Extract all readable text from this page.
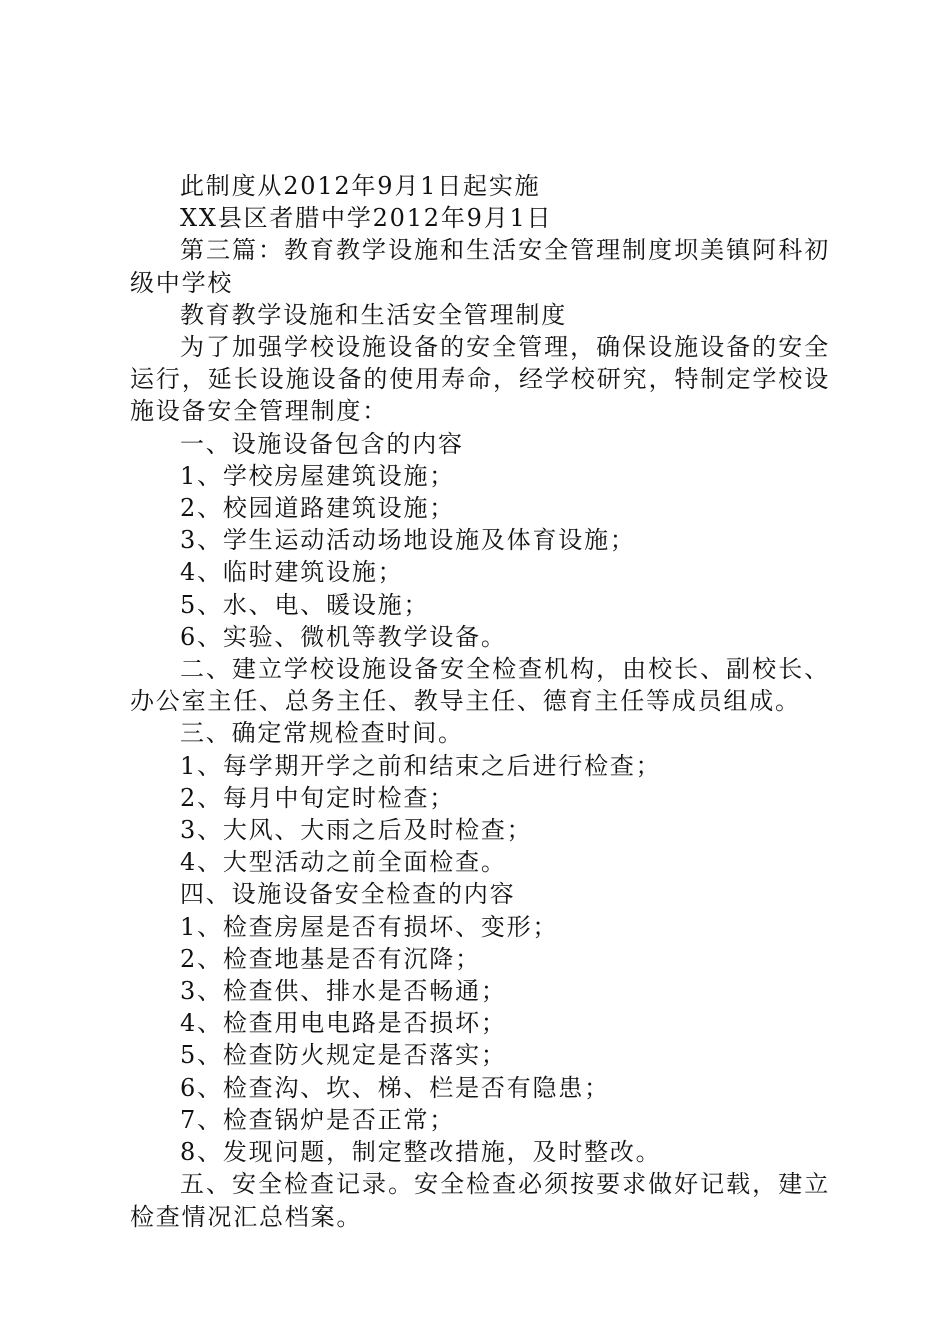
此制度从2012年9月1日起实施

XX县区者腊中学2012年9月1日

第三篇：教育教学设施和生活安全管理制度坝美镇阿科初级中学校

教育教学设施和生活安全管理制度

为了加强学校设施设备的安全管理，确保设施设备的安全运行，延长设施设备的使用寿命，经学校研究，特制定学校设施设备安全管理制度：

一、设施设备包含的内容

1、学校房屋建筑设施；

2、校园道路建筑设施；

3、学生运动活动场地设施及体育设施；

4、临时建筑设施；

5、水、电、暖设施；

6、实验、微机等教学设备。

二、建立学校设施设备安全检查机构，由校长、副校长、办公室主任、总务主任、教导主任、德育主任等成员组成。

三、确定常规检查时间。

1、每学期开学之前和结束之后进行检查；

2、每月中旬定时检查；

3、大风、大雨之后及时检查；

4、大型活动之前全面检查。

四、设施设备安全检查的内容

1、检查房屋是否有损坏、变形；

2、检查地基是否有沉降；

3、检查供、排水是否畅通；

4、检查用电电路是否损坏；

5、检查防火规定是否落实；

6、检查沟、坎、梯、栏是否有隐患；

7、检查锅炉是否正常；

8、发现问题，制定整改措施，及时整改。

五、安全检查记录。安全检查必须按要求做好记载，建立检查情况汇总档案。
